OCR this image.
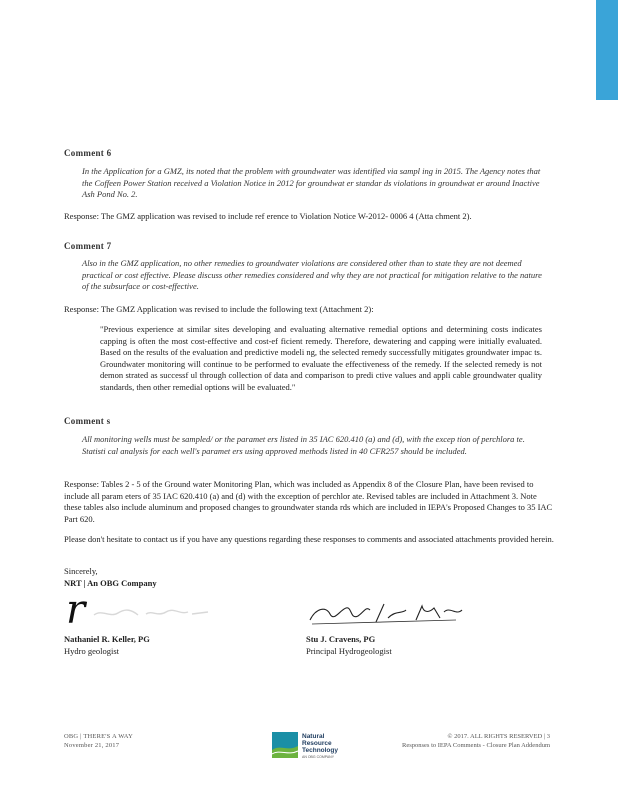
Comment 6
In the Application for a GMZ, its noted that the problem with groundwater was identified via sampl ing in 2015. The Agency notes that the Coffeen Power Station received a Violation Notice in 2012 for groundwat er standar ds violations in groundwat er around Inactive Ash Pond No. 2.
Response: The GMZ application was revised to include ref erence to Violation Notice W-2012- 0006 4 (Atta chment 2).
Comment 7
Also in the GMZ application, no other remedies to groundwater violations are considered other than to state they are not deemed practical or cost effective. Please discuss other remedies considered and why they are not practical for mitigation relative to the nature of the subsurface or cost-effective.
Response: The GMZ Application was revised to include the following text (Attachment 2):
"Previous experience at similar sites developing and evaluating alternative remedial options and determining costs indicates capping is often the most cost-effective and cost-ef ficient remedy. Therefore, dewatering and capping were initially evaluated. Based on the results of the evaluation and predictive modeli ng, the selected remedy successfully mitigates groundwater impac ts. Groundwater monitoring will continue to be performed to evaluate the effectiveness of the remedy. If the selected remedy is not demon strated as successf ul through collection of data and comparison to predi ctive values and appli cable groundwater quality standards, then other remedial options will be evaluated."
Comment s
All monitoring wells must be sampled/ or the paramet ers listed in 35 IAC 620.410 (a) and (d), with the excep tion of perchlora te. Statisti cal analysis for each well's paramet ers using approved methods listed in 40 CFR257 should be included.
Response: Tables 2 - 5 of the Ground water Monitoring Plan, which was included as Appendix 8 of the Closure Plan, have been revised to include all param eters of 35 IAC 620.410 (a) and (d) with the exception of perchlor ate. Revised tables are included in Attachment 3. Note these tables also include aluminum and proposed changes to groundwater standa rds which are included in IEPA's Proposed Changes to 35 IAC Part 620.
Please don't hesitate to contact us if you have any questions regarding these responses to comments and associated attachments provided herein.
Sincerely,
NRT | An OBG Company
r
Nathaniel R. Keller, PG
Hydro geologist
Stu J. Cravens, PG
Principal Hydrogeologist
OBG | THERE'S A WAY
November 21, 2017
Natural
Resource
Technology
AN OBG COMPANY
© 2017. ALL RIGHTS RESERVED | 3
Responses to IEPA Comments - Closure Plan Addendum
